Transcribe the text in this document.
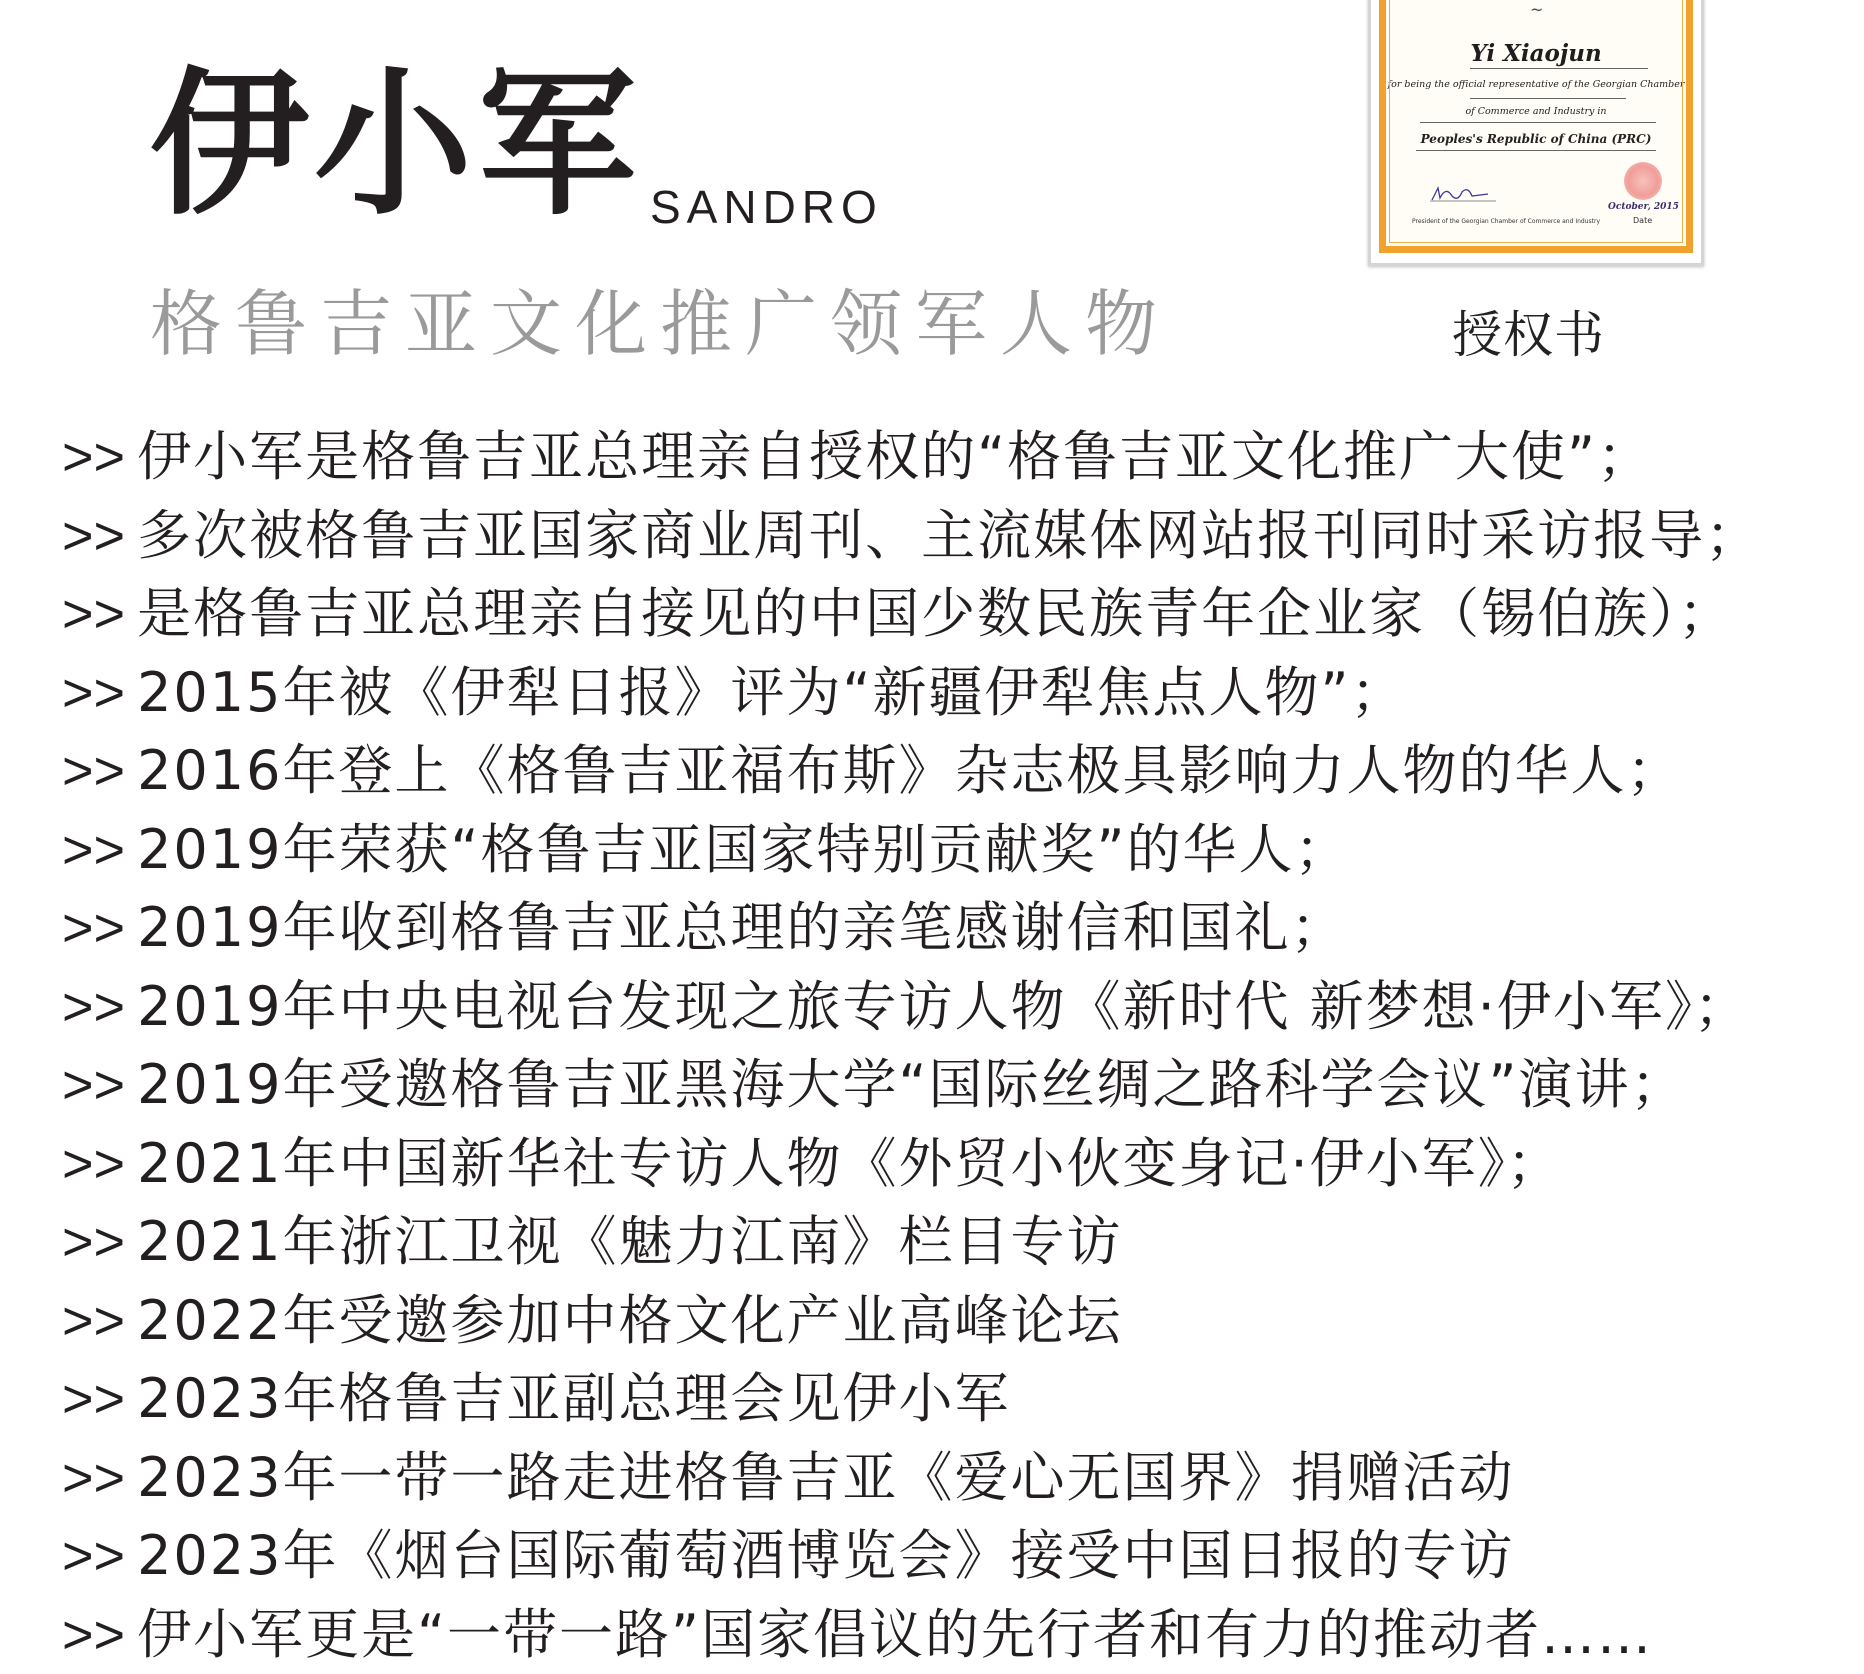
伊小军 SANDRO
格鲁吉亚文化推广领军人物
~
Yi Xiaojun
for being the official representative of the Georgian Chamber
of Commerce and Industry in
Peoples's Republic of China (PRC)
October, 2015
Date
President of the Georgian Chamber of Commerce and Industry
授权书
>> 伊小军是格鲁吉亚总理亲自授权的“格鲁吉亚文化推广大使”；
>> 多次被格鲁吉亚国家商业周刊、主流媒体网站报刊同时采访报导；
>> 是格鲁吉亚总理亲自接见的中国少数民族青年企业家（锡伯族）；
>> 2015年被《伊犁日报》评为“新疆伊犁焦点人物”；
>> 2016年登上《格鲁吉亚福布斯》杂志极具影响力人物的华人；
>> 2019年荣获“格鲁吉亚国家特别贡献奖”的华人；
>> 2019年收到格鲁吉亚总理的亲笔感谢信和国礼；
>> 2019年中央电视台发现之旅专访人物《新时代 新梦想·伊小军》；
>> 2019年受邀格鲁吉亚黑海大学“国际丝绸之路科学会议”演讲；
>> 2021年中国新华社专访人物《外贸小伙变身记·伊小军》；
>> 2021年浙江卫视《魅力江南》栏目专访
>> 2022年受邀参加中格文化产业高峰论坛
>> 2023年格鲁吉亚副总理会见伊小军
>> 2023年一带一路走进格鲁吉亚《爱心无国界》捐赠活动
>> 2023年《烟台国际葡萄酒博览会》接受中国日报的专访
>> 伊小军更是“一带一路”国家倡议的先行者和有力的推动者……
